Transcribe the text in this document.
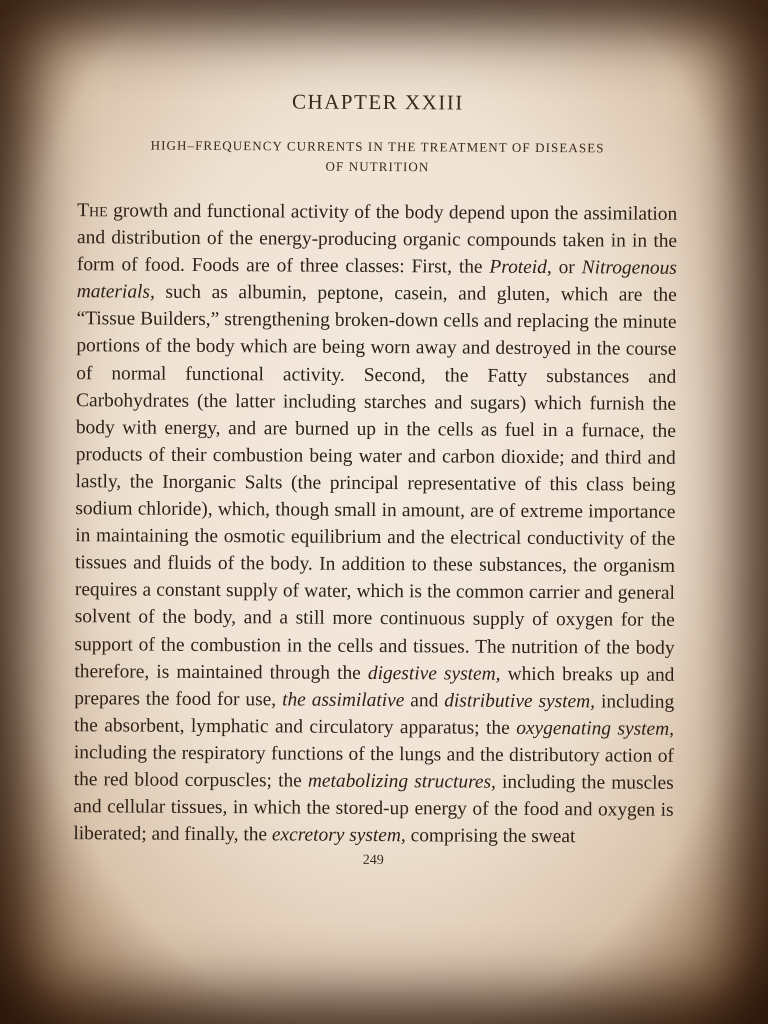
CHAPTER XXIII
HIGH–FREQUENCY CURRENTS IN THE TREATMENT OF DISEASES
OF NUTRITION

The growth and functional activity of the body depend upon the assimilation and distribution of the energy-producing organic compounds taken in in the form of food. Foods are of three classes: First, the Proteid, or Nitrogenous materials, such as albumin, peptone, casein, and gluten, which are the “Tissue Builders,” strengthening broken-down cells and replacing the minute portions of the body which are being worn away and destroyed in the course of normal functional activity. Second, the Fatty substances and Carbohydrates (the latter including starches and sugars) which furnish the body with energy, and are burned up in the cells as fuel in a furnace, the products of their combustion being water and carbon dioxide; and third and lastly, the Inorganic Salts (the principal representative of this class being sodium chloride), which, though small in amount, are of extreme importance in maintaining the osmotic equilibrium and the electrical conductivity of the tissues and fluids of the body. In addition to these substances, the organism requires a constant supply of water, which is the common carrier and general solvent of the body, and a still more continuous supply of oxygen for the support of the combustion in the cells and tissues. The nutrition of the body therefore, is maintained through the digestive system, which breaks up and prepares the food for use, the assimilative and distributive system, including the absorbent, lymphatic and circulatory apparatus; the oxygenating system, including the respiratory functions of the lungs and the distributory action of the red blood corpuscles; the metabolizing structures, including the muscles and cellular tissues, in which the stored-up energy of the food and oxygen is liberated; and finally, the excretory system, comprising the sweat

249
